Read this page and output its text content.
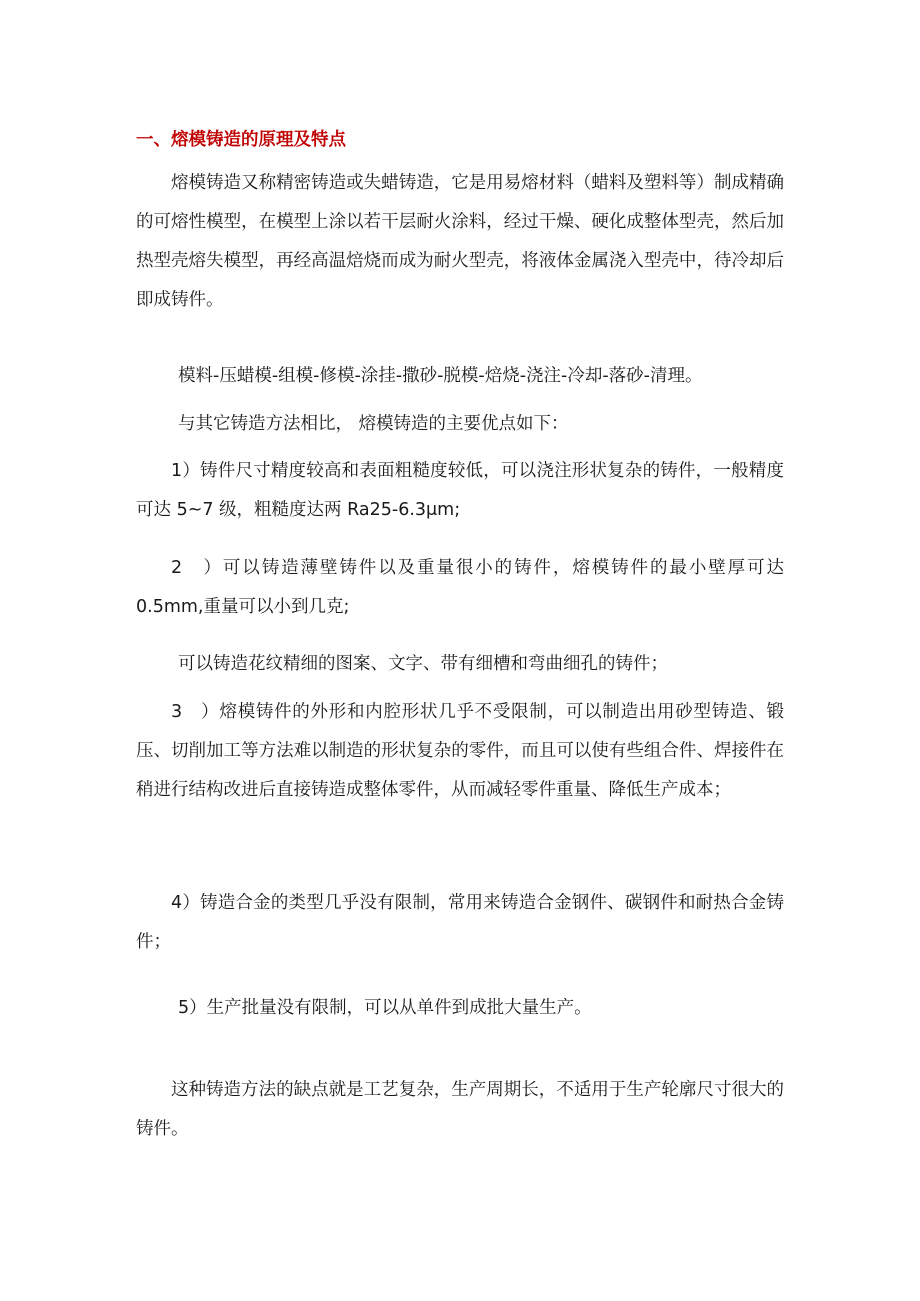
一、熔模铸造的原理及特点
熔模铸造又称精密铸造或失蜡铸造，它是用易熔材料（蜡料及塑料等）制成精确的可熔性模型，在模型上涂以若干层耐火涂料，经过干燥、硬化成整体型壳，然后加热型壳熔失模型，再经高温焙烧而成为耐火型壳，将液体金属浇入型壳中，待冷却后即成铸件。
模料-压蜡模-组模-修模-涂挂-撒砂-脱模-焙烧-浇注-冷却-落砂-清理。
与其它铸造方法相比， 熔模铸造的主要优点如下：
1）铸件尺寸精度较高和表面粗糙度较低，可以浇注形状复杂的铸件，一般精度可达 5~7 级，粗糙度达两 Ra25-6.3μm;
2　）可以铸造薄壁铸件以及重量很小的铸件，熔模铸件的最小壁厚可达0.5mm,重量可以小到几克;
可以铸造花纹精细的图案、文字、带有细槽和弯曲细孔的铸件；
3　）熔模铸件的外形和内腔形状几乎不受限制，可以制造出用砂型铸造、锻压、切削加工等方法难以制造的形状复杂的零件，而且可以使有些组合件、焊接件在稍进行结构改进后直接铸造成整体零件，从而减轻零件重量、降低生产成本；
4）铸造合金的类型几乎没有限制，常用来铸造合金钢件、碳钢件和耐热合金铸件；
5）生产批量没有限制，可以从单件到成批大量生产。
这种铸造方法的缺点就是工艺复杂，生产周期长，不适用于生产轮廓尺寸很大的铸件。
